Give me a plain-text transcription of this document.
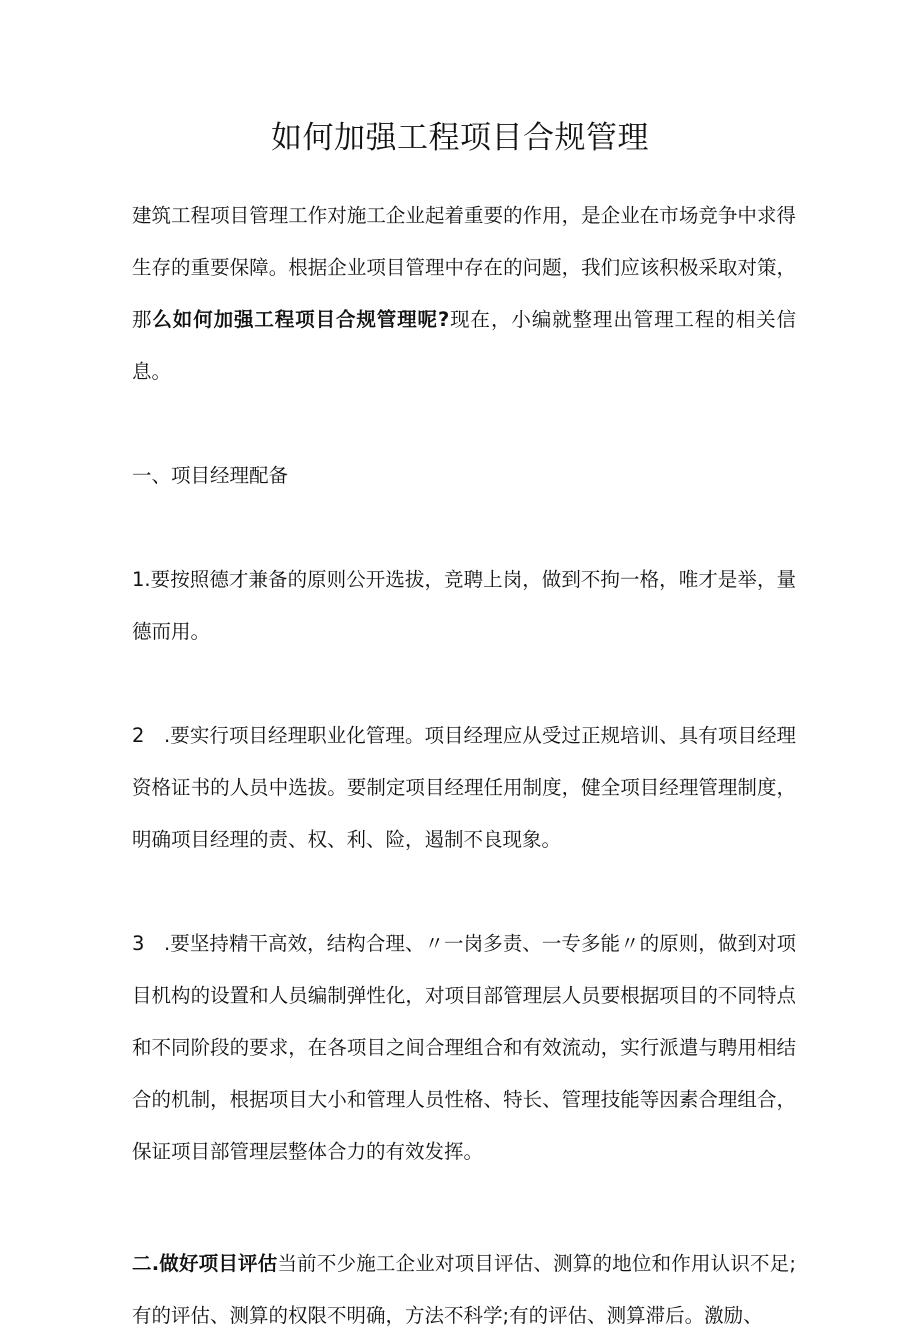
如何加强工程项目合规管理

建筑工程项目管理工作对施工企业起着重要的作用，是企业在市场竞争中求得生存的重要保障。根据企业项目管理中存在的问题，我们应该积极采取对策，那么如何加强工程项目合规管理呢?现在，小编就整理出管理工程的相关信息。

一、项目经理配备

1.要按照德才兼备的原则公开选拔，竞聘上岗，做到不拘一格，唯才是举，量德而用。

2　.要实行项目经理职业化管理。项目经理应从受过正规培训、具有项目经理资格证书的人员中选拔。要制定项目经理任用制度，健全项目经理管理制度，明确项目经理的责、权、利、险，遏制不良现象。

3　.要坚持精干高效，结构合理、〃一岗多责、一专多能〃的原则，做到对项目机构的设置和人员编制弹性化，对项目部管理层人员要根据项目的不同特点和不同阶段的要求，在各项目之间合理组合和有效流动，实行派遣与聘用相结合的机制，根据项目大小和管理人员性格、特长、管理技能等因素合理组合，保证项目部管理层整体合力的有效发挥。

二.做好项目评估当前不少施工企业对项目评估、测算的地位和作用认识不足;有的评估、测算的权限不明确，方法不科学;有的评估、测算滞后。激励、
